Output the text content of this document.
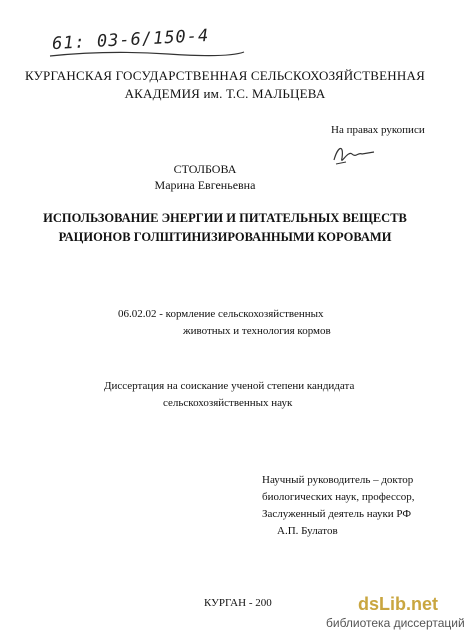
61: 03-6/150-4
КУРГАНСКАЯ ГОСУДАРСТВЕННАЯ СЕЛЬСКОХОЗЯЙСТВЕННАЯ
АКАДЕМИЯ им. Т.С. МАЛЬЦЕВА
На правах рукописи
СТОЛБОВА
Марина Евгеньевна
ИСПОЛЬЗОВАНИЕ ЭНЕРГИИ И ПИТАТЕЛЬНЫХ ВЕЩЕСТВ
РАЦИОНОВ ГОЛШТИНИЗИРОВАННЫМИ КОРОВАМИ
06.02.02 - кормление сельскохозяйственных
животных и технология кормов
Диссертация на соискание ученой степени кандидата
сельскохозяйственных наук
Научный руководитель – доктор
биологических наук, профессор,
Заслуженный деятель науки РФ
А.П. Булатов
КУРГАН - 200	dsLib.net
библиотека диссертаций
